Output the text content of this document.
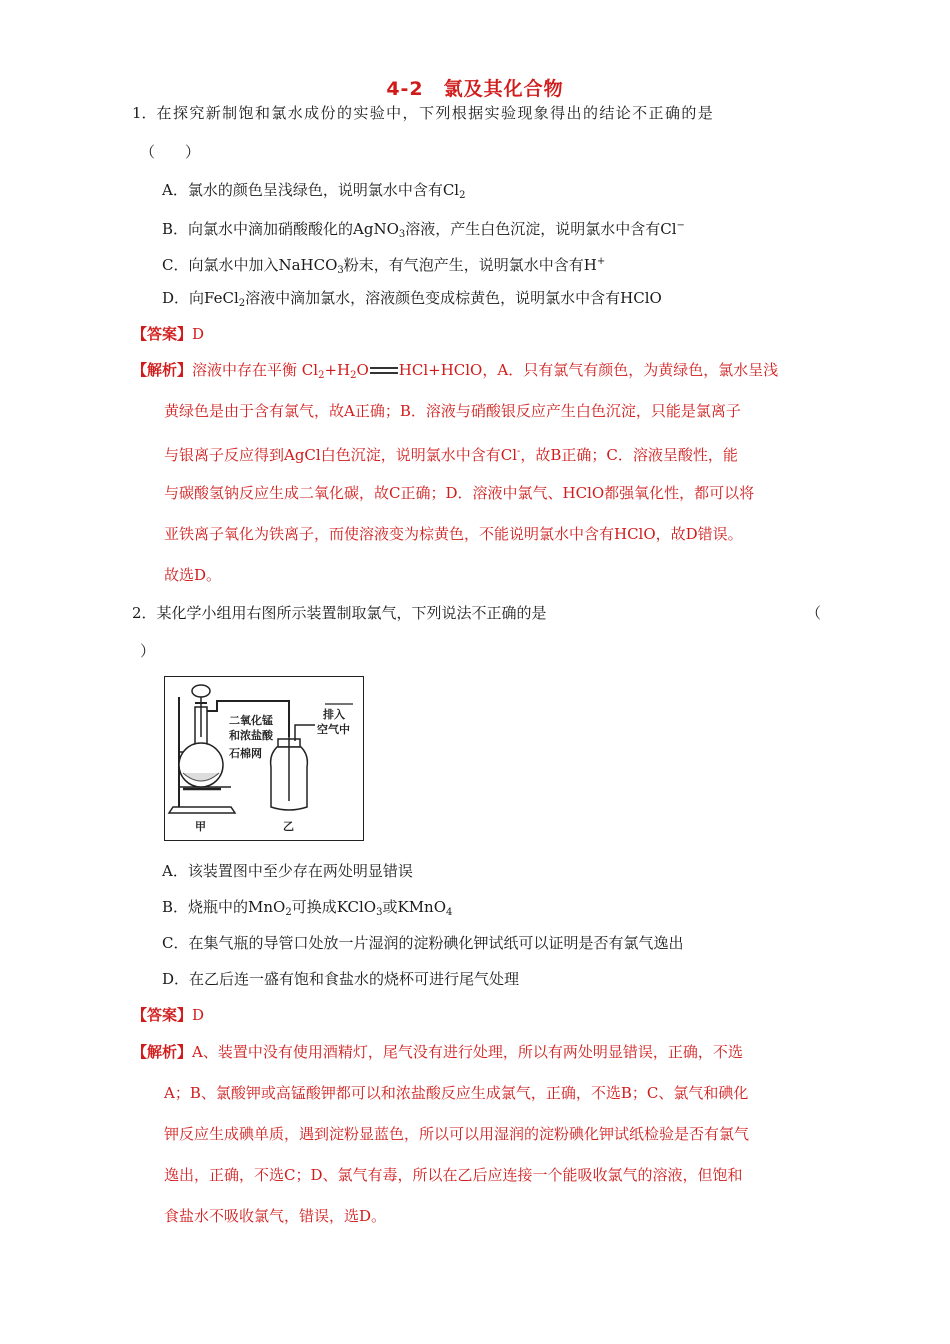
4-2　氯及其化合物
1．在探究新制饱和氯水成份的实验中，下列根据实验现象得出的结论不正确的是
（　　）
A．氯水的颜色呈浅绿色，说明氯水中含有$Cl_2$
B．向氯水中滴加硝酸酸化的AgNO$_3$溶液，产生白色沉淀，说明氯水中含有Cl−
C．向氯水中加入NaHCO$_3$粉末，有气泡产生，说明氯水中含有H+
D．向FeCl$_2$溶液中滴加氯水，溶液颜色变成棕黄色，说明氯水中含有HClO
【答案】D
【解析】溶液中存在平衡 $Cl_2+H_2O$ HCl+HClO，A．只有氯气有颜色，为黄绿色，氯水呈浅
黄绿色是由于含有氯气，故A正确；B．溶液与硝酸银反应产生白色沉淀，只能是氯离子
与银离子反应得到AgCl白色沉淀，说明氯水中含有Cl-，故B正确；C．溶液呈酸性，能
与碳酸氢钠反应生成二氧化碳，故C正确；D．溶液中氯气、HClO都强氧化性，都可以将
亚铁离子氧化为铁离子，而使溶液变为棕黄色，不能说明氯水中含有HClO，故D错误。
故选D。
2．某化学小组用右图所示装置制取氯气，下列说法不正确的是	（
）
二氧化锰
和浓盐酸
石棉网
排入
空气中
甲	乙
A．该装置图中至少存在两处明显错误
B．烧瓶中的MnO$_2$可换成KClO$_3$或KMnO$_4$
C．在集气瓶的导管口处放一片湿润的淀粉碘化钾试纸可以证明是否有氯气逸出
D．在乙后连一盛有饱和食盐水的烧杯可进行尾气处理
【答案】D
【解析】A、装置中没有使用酒精灯，尾气没有进行处理，所以有两处明显错误，正确，不选
A；B、氯酸钾或高锰酸钾都可以和浓盐酸反应生成氯气，正确，不选B；C、氯气和碘化
钾反应生成碘单质，遇到淀粉显蓝色，所以可以用湿润的淀粉碘化钾试纸检验是否有氯气
逸出，正确，不选C；D、氯气有毒，所以在乙后应连接一个能吸收氯气的溶液，但饱和
食盐水不吸收氯气，错误，选D。
